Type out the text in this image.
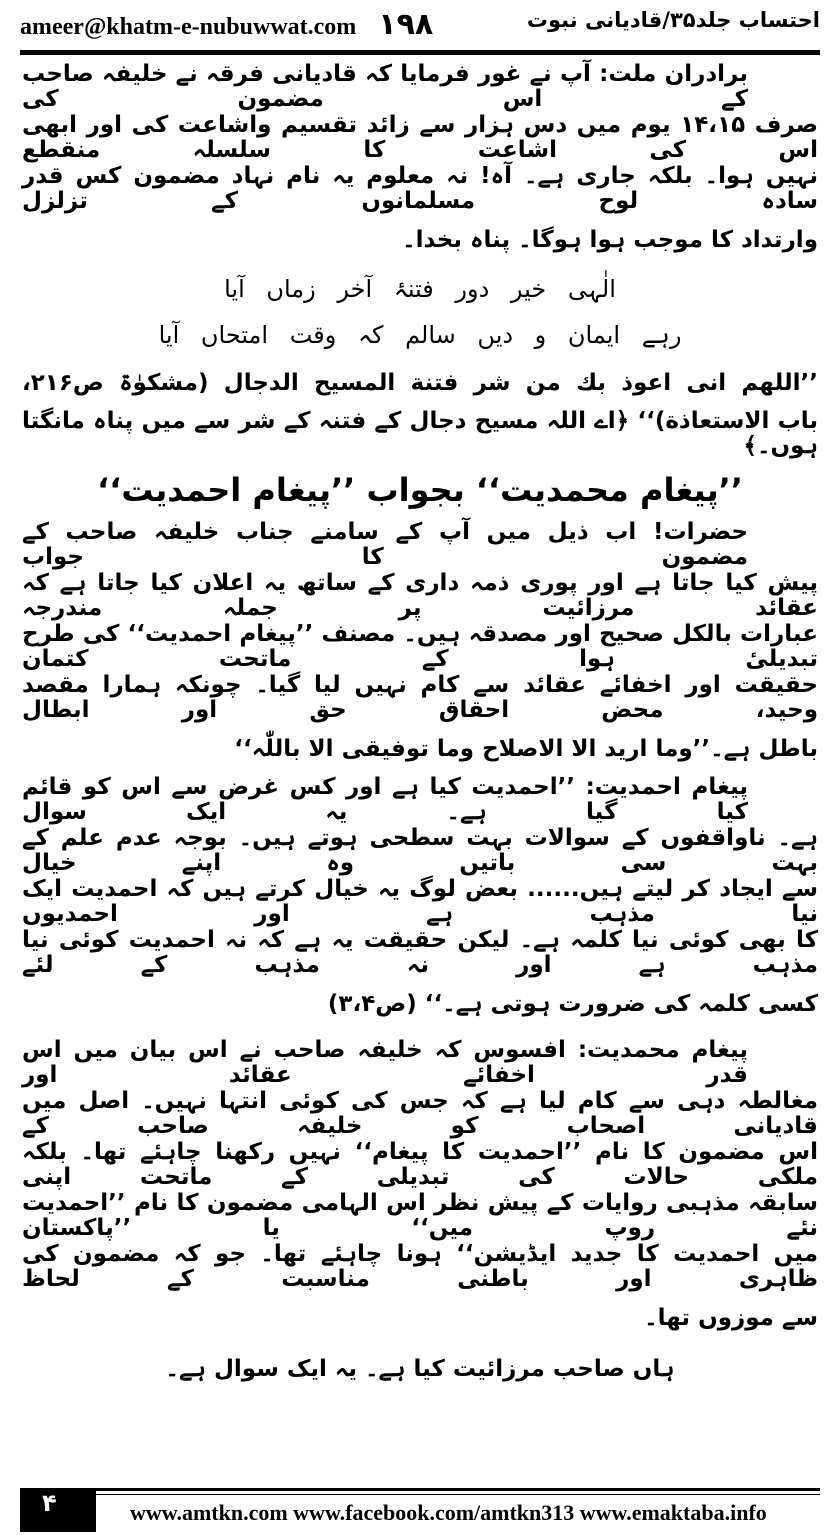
ameer@khatm-e-nubuwwat.com ۱۹۸	احتساب جلد۳۵/قادیانی نبوت
برادران ملت: آپ نے غور فرمایا کہ قادیانی فرقہ نے خلیفہ صاحب کے اس مضمون کی
صرف ۱۴،۱۵ یوم میں دس ہزار سے زائد تقسیم واشاعت کی اور ابھی اس کی اشاعت کا سلسلہ منقطع
نہیں ہوا۔ بلکہ جاری ہے۔ آہ! نہ معلوم یہ نام نہاد مضمون کس قدر سادہ لوح مسلمانوں کے تزلزل
وارتداد کا موجب ہوا ہوگا۔ پناہ بخدا۔
الٰہی خیر دور فتنۂ آخر زماں آیا
رہے ایمان و دیں سالم کہ وقت امتحاں آیا
’’اللهم انی اعوذ بك من شر فتنة المسيح الدجال (مشکوٰۃ ص۲۱۶،
باب الاستعاذة)‘‘ ﴿اے اللہ مسیح دجال کے فتنہ کے شر سے میں پناہ مانگتا ہوں۔﴾
’’پیغام محمدیت‘‘ بجواب ’’پیغام احمدیت‘‘
حضرات! اب ذیل میں آپ کے سامنے جناب خلیفہ صاحب کے مضمون کا جواب
پیش کیا جاتا ہے اور پوری ذمہ داری کے ساتھ یہ اعلان کیا جاتا ہے کہ عقائد مرزائیت پر جملہ مندرجہ
عبارات بالکل صحیح اور مصدقہ ہیں۔ مصنف ’’پیغام احمدیت‘‘ کی طرح تبدیلیٔ ہوا کے ماتحت کتمان
حقیقت اور اخفائے عقائد سے کام نہیں لیا گیا۔ چونکہ ہمارا مقصد وحید، محض احقاق حق اور ابطال
باطل ہے۔’’وما ارید الا الاصلاح وما توفیقی الا باللّٰہ‘‘
پیغام احمدیت: ’’احمدیت کیا ہے اور کس غرض سے اس کو قائم کیا گیا ہے۔ یہ ایک سوال
ہے۔ ناواقفوں کے سوالات بہت سطحی ہوتے ہیں۔ بوجہ عدم علم کے بہت سی باتیں وہ اپنے خیال
سے ایجاد کر لیتے ہیں...... بعض لوگ یہ خیال کرتے ہیں کہ احمدیت ایک نیا مذہب ہے اور احمدیوں
کا بھی کوئی نیا کلمہ ہے۔ لیکن حقیقت یہ ہے کہ نہ احمدیت کوئی نیا مذہب ہے اور نہ مذہب کے لئے
کسی کلمہ کی ضرورت ہوتی ہے۔‘‘ (ص۳،۴)
پیغام محمدیت: افسوس کہ خلیفہ صاحب نے اس بیان میں اس قدر اخفائے عقائد اور
مغالطہ دہی سے کام لیا ہے کہ جس کی کوئی انتہا نہیں۔ اصل میں قادیانی اصحاب کو خلیفہ صاحب کے
اس مضمون کا نام ’’احمدیت کا پیغام‘‘ نہیں رکھنا چاہئے تھا۔ بلکہ ملکی حالات کی تبدیلی کے ماتحت اپنی
سابقہ مذہبی روایات کے پیش نظر اس الہامی مضمون کا نام ’’احمدیت نئے روپ میں‘‘ یا ’’پاکستان
میں احمدیت کا جدید ایڈیشن‘‘ ہونا چاہئے تھا۔ جو کہ مضمون کی ظاہری اور باطنی مناسبت کے لحاظ
سے موزوں تھا۔
ہاں صاحب مرزائیت کیا ہے۔ یہ ایک سوال ہے۔
۴	www.amtkn.com www.facebook.com/amtkn313 www.emaktaba.info
